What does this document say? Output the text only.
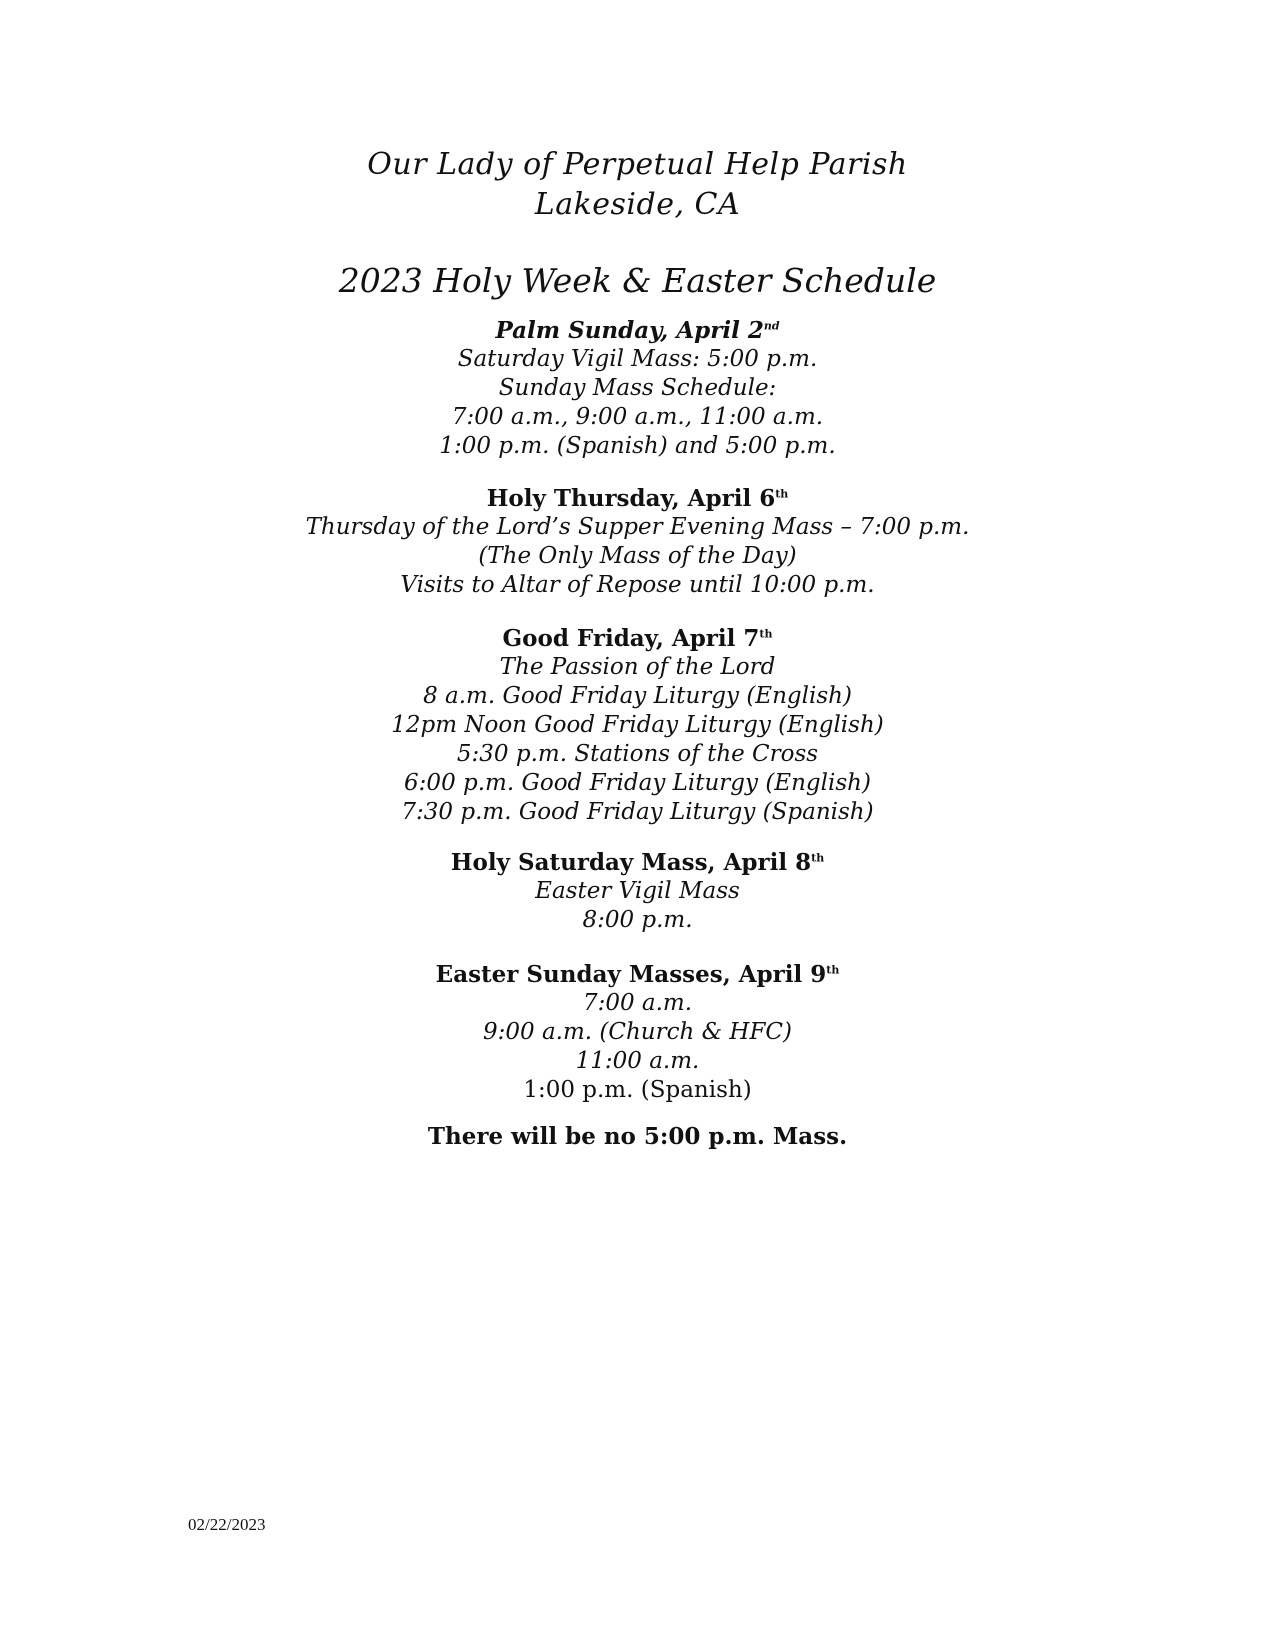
Our Lady of Perpetual Help Parish
Lakeside, CA
2023 Holy Week & Easter Schedule
Palm Sunday, April 2nd
Saturday Vigil Mass: 5:00 p.m.
Sunday Mass Schedule:
7:00 a.m., 9:00 a.m., 11:00 a.m.
1:00 p.m. (Spanish) and 5:00 p.m.
Holy Thursday, April 6th
Thursday of the Lord’s Supper Evening Mass – 7:00 p.m.
(The Only Mass of the Day)
Visits to Altar of Repose until 10:00 p.m.
Good Friday, April 7th
The Passion of the Lord
8 a.m. Good Friday Liturgy (English)
12pm Noon Good Friday Liturgy (English)
5:30 p.m. Stations of the Cross
6:00 p.m. Good Friday Liturgy (English)
7:30 p.m. Good Friday Liturgy (Spanish)
Holy Saturday Mass, April 8th
Easter Vigil Mass
8:00 p.m.
Easter Sunday Masses, April 9th
7:00 a.m.
9:00 a.m. (Church & HFC)
11:00 a.m.
1:00 p.m. (Spanish)
There will be no 5:00 p.m. Mass.
02/22/2023
